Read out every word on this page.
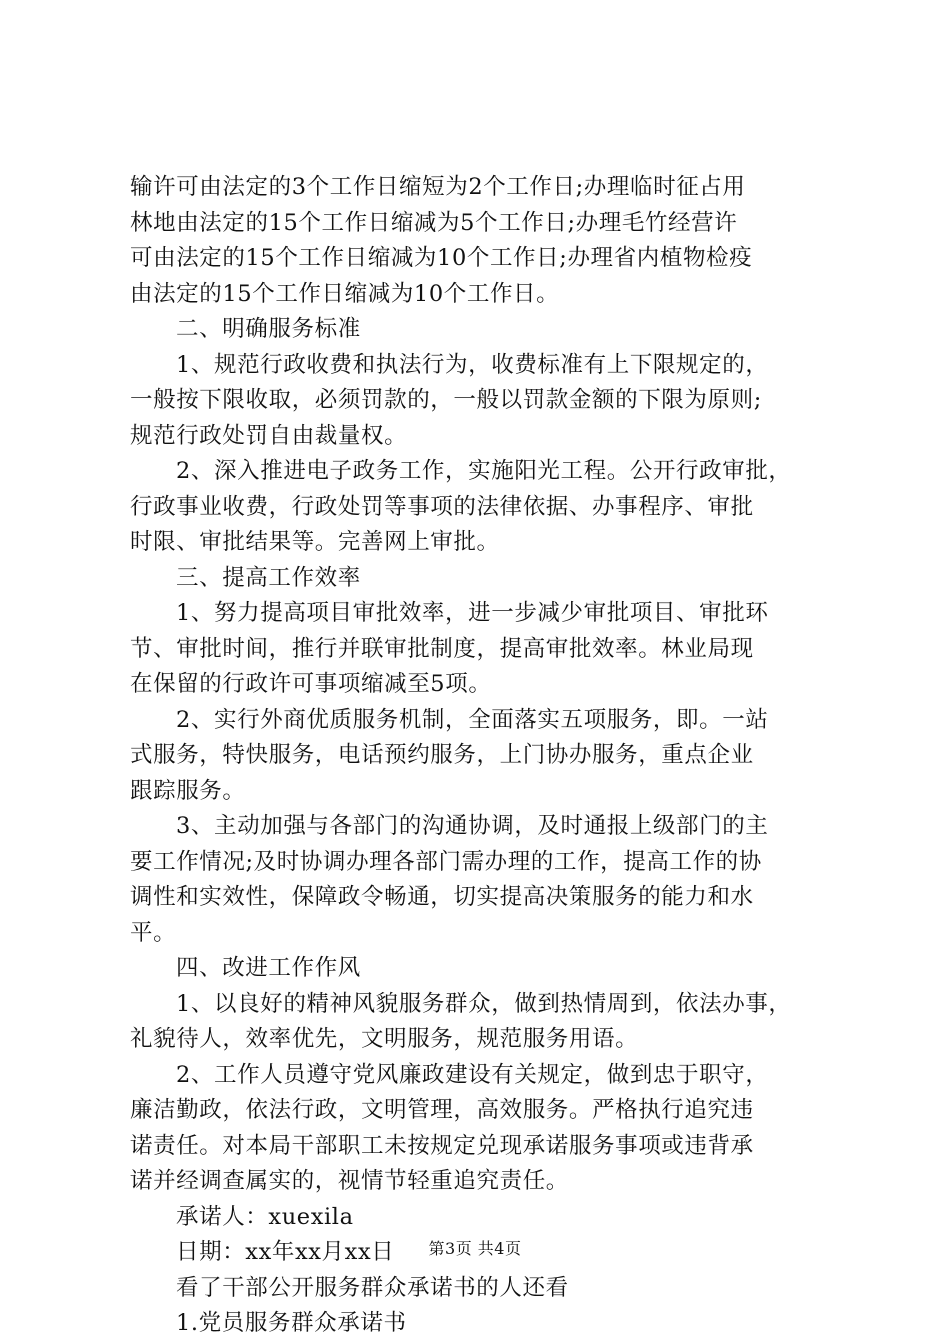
输许可由法定的3个工作日缩短为2个工作日;办理临时征占用
林地由法定的15个工作日缩减为5个工作日;办理毛竹经营许
可由法定的15个工作日缩减为10个工作日;办理省内植物检疫
由法定的15个工作日缩减为10个工作日。
二、明确服务标准
1、规范行政收费和执法行为，收费标准有上下限规定的，
一般按下限收取，必须罚款的，一般以罚款金额的下限为原则;
规范行政处罚自由裁量权。
2、深入推进电子政务工作，实施阳光工程。公开行政审批，
行政事业收费，行政处罚等事项的法律依据、办事程序、审批
时限、审批结果等。完善网上审批。
三、提高工作效率
1、努力提高项目审批效率，进一步减少审批项目、审批环
节、审批时间，推行并联审批制度，提高审批效率。林业局现
在保留的行政许可事项缩减至5项。
2、实行外商优质服务机制，全面落实五项服务，即。一站
式服务，特快服务，电话预约服务，上门协办服务，重点企业
跟踪服务。
3、主动加强与各部门的沟通协调，及时通报上级部门的主
要工作情况;及时协调办理各部门需办理的工作，提高工作的协
调性和实效性，保障政令畅通，切实提高决策服务的能力和水
平。
四、改进工作作风
1、以良好的精神风貌服务群众，做到热情周到，依法办事，
礼貌待人，效率优先，文明服务，规范服务用语。
2、工作人员遵守党风廉政建设有关规定，做到忠于职守，
廉洁勤政，依法行政，文明管理，高效服务。严格执行追究违
诺责任。对本局干部职工未按规定兑现承诺服务事项或违背承
诺并经调查属实的，视情节轻重追究责任。
承诺人：xuexila
日期：xx年xx月xx日
看了干部公开服务群众承诺书的人还看
1.党员服务群众承诺书
第3页 共4页
